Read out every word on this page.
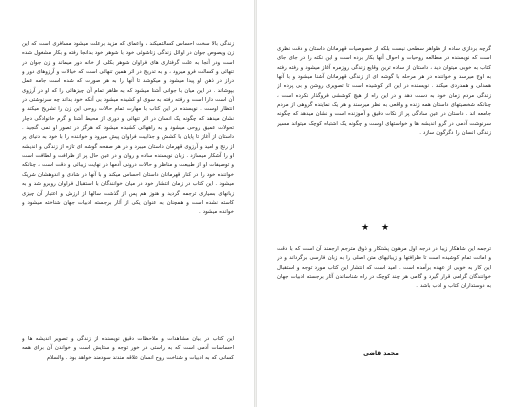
زندگی بالا سخت احساس کسالتمیکند ، واعمای که مزید برعلت میشود مسافری است که این زن ویصوص جوان در اوائل زندگی زناشوئی خود با شوهر خود بدانجا رفته و بکار مشغول شده است ودر آنجا به علت گرفتاری های فراوان شوهر بکلی از خانه دور میماند و زن جوان در تنهائی و کسالت فرو میرود ، و به تدریج در اثر همین تنهائی است که خیالات و آرزوهای دور و دراز در ذهن او پیدا میشود و میکوشد تا آنها را به هر صورت که شده است جامه عمل بپوشاند . در این میان با جوانی آشنا میشود که به ظاهر تمام آن چیزهائی را که او در آرزوی آن است دارا است و رفته رفته به سوی او کشیده میشود بی آنکه خود بداند چه سرنوشتی در انتظار اوست . نویسنده در این کتاب با مهارت تمام حالات روحی این زن را تشریح میکند و نشان میدهد که چگونه یک انسان در اثر تنهائی و دوری از محیط آشنا و گرم خانوادگی دچار تحولات عمیق روحی میشود و به راههائی کشیده میشود که هرگز در تصور او نمی گنجید . داستان از آغاز تا پایان با کشش و جذابیت فراوان پیش میرود و خواننده را با خود به دنیای پر از رنج و امید و آرزوی قهرمان داستان میبرد و در هر صفحه گوشه ای تازه از زندگی و اندیشه او را آشکار میسازد . زبان نویسنده ساده و روان و در عین حال پر از ظرافت و لطافت است و توصیفات او از طبیعت و مناظر و حالات درونی آدمها در نهایت زیبائی و دقت است ، چنانکه خواننده خود را در کنار قهرمانان داستان احساس میکند و با آنها در شادی و اندوهشان شریک میشود . این کتاب در زمان انتشار خود در میان خوانندگان با استقبال فراوان روبرو شد و به زبانهای بسیاری ترجمه گردید و هنوز هم پس از گذشت سالها از ارزش و اعتبار آن چیزی کاسته نشده است و همچنان به عنوان یکی از آثار برجسته ادبیات جهان شناخته میشود و خوانده میشود .

این کتاب در بیان مشاهدات و ملاحظات دقیق نویسنده از زندگی و تصویر اندیشه ها و احساسات آدمی است که به راستی در خور توجه و ستایش است و خواندن آن برای همه کسانی که به ادبیات و شناخت روح انسان علاقه مندند سودمند خواهد بود . والسلام

گرچه بردازی ساده از ظواهر سطحی نیست بلکه از خصوصیات قهرمانان داستان و دقت نظری است که نویسنده در مطالعه روحیات و احوال آنها بکار برده است و این نکته را در جای جای کتاب به خوبی میتوان دید ، داستان از ساده ترین وقایع زندگی روزمره آغاز میشود و رفته رفته به اوج میرسد و خواننده در هر مرحله با گوشه ای از زندگی قهرمانان آشنا میشود و با آنها همدلی و همدردی میکند . نویسنده در این اثر کوشیده است تا تصویری روشن و بی پرده از زندگی مردم زمان خود به دست دهد و در این راه از هیچ کوششی فروگذار نکرده است ، چنانکه شخصیتهای داستان همه زنده و واقعی به نظر میرسند و هر یک نماینده گروهی از مردم جامعه اند . داستان در عین سادگی پر از نکات دقیق و آموزنده است و نشان میدهد که چگونه سرنوشت آدمی در گرو اندیشه ها و خواستهای اوست و چگونه یک اشتباه کوچک میتواند مسیر زندگی انسان را دگرگون سازد .

★ ★

ترجمه این شاهکار زیبا در درجه اول مرهون پشتکار و ذوق مترجم ارجمند آن است که با دقت و امانت تمام کوشیده است تا ظرافتها و زیبائیهای متن اصلی را به زبان فارسی برگرداند و در این کار به خوبی از عهده برآمده است . امید است که انتشار این کتاب مورد توجه و استقبال خوانندگان گرامی قرار گیرد و گامی هر چند کوچک در راه شناساندن آثار برجسته ادبیات جهان به دوستداران کتاب و ادب باشد .

محمد قاضی
